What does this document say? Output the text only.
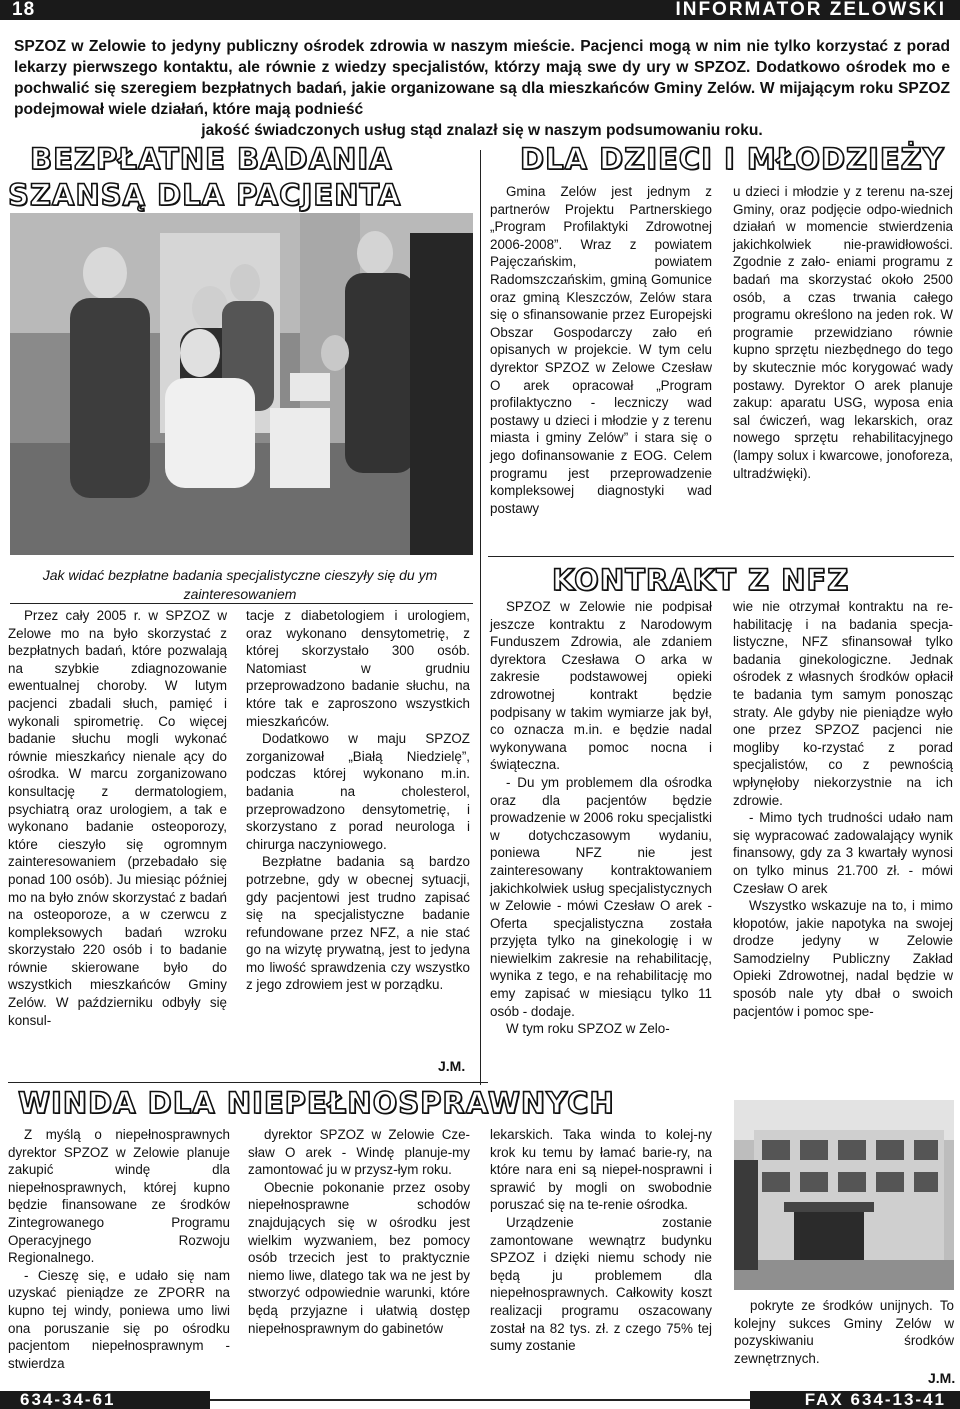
18	INFORMATOR ZELOWSKI

SPZOZ w Zelowie to jedyny publiczny ośrodek zdrowia w naszym mieście. Pacjenci mogą w nim nie tylko korzystać z porad lekarzy pierwszego kontaktu, ale równie z wiedzy specjalistów, którzy mają swe dy ury w SPZOZ. Dodatkowo ośrodek mo e pochwalić się szeregiem bezpłatnych badań, jakie organizowane są dla mieszkańców Gminy Zelów. W mijającym roku SPZOZ podejmował wiele działań, które mają podnieść

jakość świadczonych usług stąd znalazł się w naszym podsumowaniu roku.

BEZPŁATNE BADANIA
SZANSĄ DLA PACJENTA
Jak widać bezpłatne badania specjalistyczne cieszyły się du ym zainteresowaniem

Przez cały 2005 r. w SPZOZ w Zelowe mo na było skorzystać z bezpłatnych badań, które pozwalają na szybkie zdiagnozowanie ewentualnej choroby. W lutym pacjenci zbadali słuch, pamięć i wykonali spirometrię. Co więcej badanie słuchu mogli wykonać równie mieszkańcy nienale ący do ośrodka. W marcu zorganizowano konsultację z dermatologiem, psychiatrą oraz urologiem, a tak e wykonano badanie osteoporozy, które cieszyło się ogromnym zainteresowaniem (przebadało się ponad 100 osób). Ju miesiąc później mo na było znów skorzystać z badań na osteoporoze, a w czerwcu z kompleksowych badań wzroku skorzystało 220 osób i to badanie równie skierowane było do wszystkich mieszkańców Gminy Zelów. W październiku odbyły się konsul-

tacje z diabetologiem i urologiem, oraz wykonano densytometrię, z której skorzystało 300 osób. Natomiast w grudniu przeprowadzono badanie słuchu, na które tak e zaproszono wszystkich mieszkańców.

Dodatkowo w maju SPZOZ zorganizował „Białą Niedzielę”, podczas której wykonano m.in. badania na cholesterol, przeprowadzono densytometrię, i skorzystano z porad neurologa i chirurga naczyniowego.

Bezpłatne badania są bardzo potrzebne, gdy w obecnej sytuacji, gdy pacjentowi jest trudno zapisać się na specjalistyczne badanie refundowane przez NFZ, a nie stać go na wizytę prywatną, jest to jedyna mo liwość sprawdzenia czy wszystko z jego zdrowiem jest w porządku.

J.M.
DLA DZIECI I MŁODZIEŻY

Gmina Zelów jest jednym z partnerów Projektu Partnerskiego „Program Profilaktyki Zdrowotnej 2006-2008”. Wraz z powiatem Pajęczańskim, powiatem Radomszczańskim, gminą Gomunice oraz gminą Kleszczów, Zelów stara się o sfinansowanie przez Europejski Obszar Gospodarczy zało eń opisanych w projekcie. W tym celu dyrektor SPZOZ w Zelowe Czesław O arek opracował „Program profilaktyczno - leczniczy wad postawy u dzieci i młodzie y z terenu miasta i gminy Zelów” i stara się o jego dofinansowanie z EOG. Celem programu jest przeprowadzenie kompleksowej diagnostyki wad postawy

u dzieci i młodzie y z terenu na-szej Gminy, oraz podjęcie odpo-wiednich działań w momencie stwierdzenia jakichkolwiek nie-prawidłowości. Zgodnie z zało- eniami programu z badań ma skorzystać około 2500 osób, a czas trwania całego programu określono na jeden rok. W programie przewidziano równie kupno sprzętu niezbędnego do tego by skutecznie móc korygować wady postawy. Dyrektor O arek planuje zakup: aparatu USG, wyposa enia sal ćwiczeń, wag lekarskich, oraz nowego sprzętu rehabilitacyjnego (lampy solux i kwarcowe, jonoforeza, ultradźwięki).

KONTRAKT Z NFZ

SPZOZ w Zelowie nie podpisał jeszcze kontraktu z Narodowym Funduszem Zdrowia, ale zdaniem dyrektora Czesława O arka w zakresie podstawowej opieki zdrowotnej kontrakt będzie podpisany w takim wymiarze jak był, co oznacza m.in. e będzie nadal wykonywana pomoc nocna i świąteczna.

- Du ym problemem dla ośrodka oraz dla pacjentów będzie prowadzenie w 2006 roku specjalistki w dotychczasowym wydaniu, poniewa NFZ nie jest zainteresowany kontraktowaniem jakichkolwiek usług specjalistycznych w Zelowie - mówi Czesław O arek - Oferta specjalistyczna została przyjęta tylko na ginekologię i w niewielkim zakresie na rehabilitację, wynika z tego, e na rehabilitację mo emy zapisać w miesiącu tylko 11 osób - dodaje.

W tym roku SPZOZ w Zelo-

wie nie otrzymał kontraktu na re-habilitację i na badania specja-listyczne, NFZ sfinansował tylko badania ginekologiczne. Jednak ośrodek z własnych środków opłacił te badania tym samym ponosząc straty. Ale gdyby nie pieniądze wyło one przez SPZOZ pacjenci nie mogliby ko-rzystać z porad specjalistów, co z pewnością wpłynęłoby niekorzystnie na ich zdrowie.

- Mimo tych trudności udało nam się wypracować zadowalający wynik finansowy, gdy za 3 kwartały wynosi on tylko minus 21.700 zł. - mówi Czesław O arek

Wszystko wskazuje na to, i mimo kłopotów, jakie napotyka na swojej drodze jedyny w Zelowie Samodzielny Publiczny Zakład Opieki Zdrowotnej, nadal będzie w sposób nale yty dbał o swoich pacjentów i pomoc spe-

WINDA DLA NIEPEŁNOSPRAWNYCH

Z myślą o niepełnosprawnych dyrektor SPZOZ w Zelowie planuje zakupić windę dla niepełnosprawnych, której kupno będzie finansowane ze środków Zintegrowanego Programu Operacyjnego Rozwoju Regionalnego.

- Cieszę się, e udało się nam uzyskać pieniądze ze ZPORR na kupno tej windy, poniewa umo liwi ona poruszanie się po ośrodku pacjentom niepełnosprawnym - stwierdza

dyrektor SPZOZ w Zelowie Cze-sław O arek - Windę planuje-my zamontować ju w przysz-łym roku.

Obecnie pokonanie przez osoby niepełnosprawne schodów znajdujących się w ośrodku jest wielkim wyzwaniem, bez pomocy osób trzecich jest to praktycznie niemo liwe, dlatego tak wa ne jest by stworzyć odpowiednie warunki, które będą przyjazne i ułatwią dostęp niepełnosprawnym do gabinetów

lekarskich. Taka winda to kolej-ny krok ku temu by łamać barie-ry, na które nara eni są niepeł-nosprawni i sprawić by mogli on swobodnie poruszać się na te-renie ośrodka.

Urządzenie zostanie zamontowane wewnątrz budynku SPZOZ i dzięki niemu schody nie będą ju problemem dla niepełnosprawnych. Całkowity koszt realizacji programu oszacowany został na 82 tys. zł. z czego 75% tej sumy zostanie

pokryte ze środków unijnych. To kolejny sukces Gminy Zelów w pozyskiwaniu środków zewnętrznych.

J.M.
634-34-61	FAX 634-13-41
